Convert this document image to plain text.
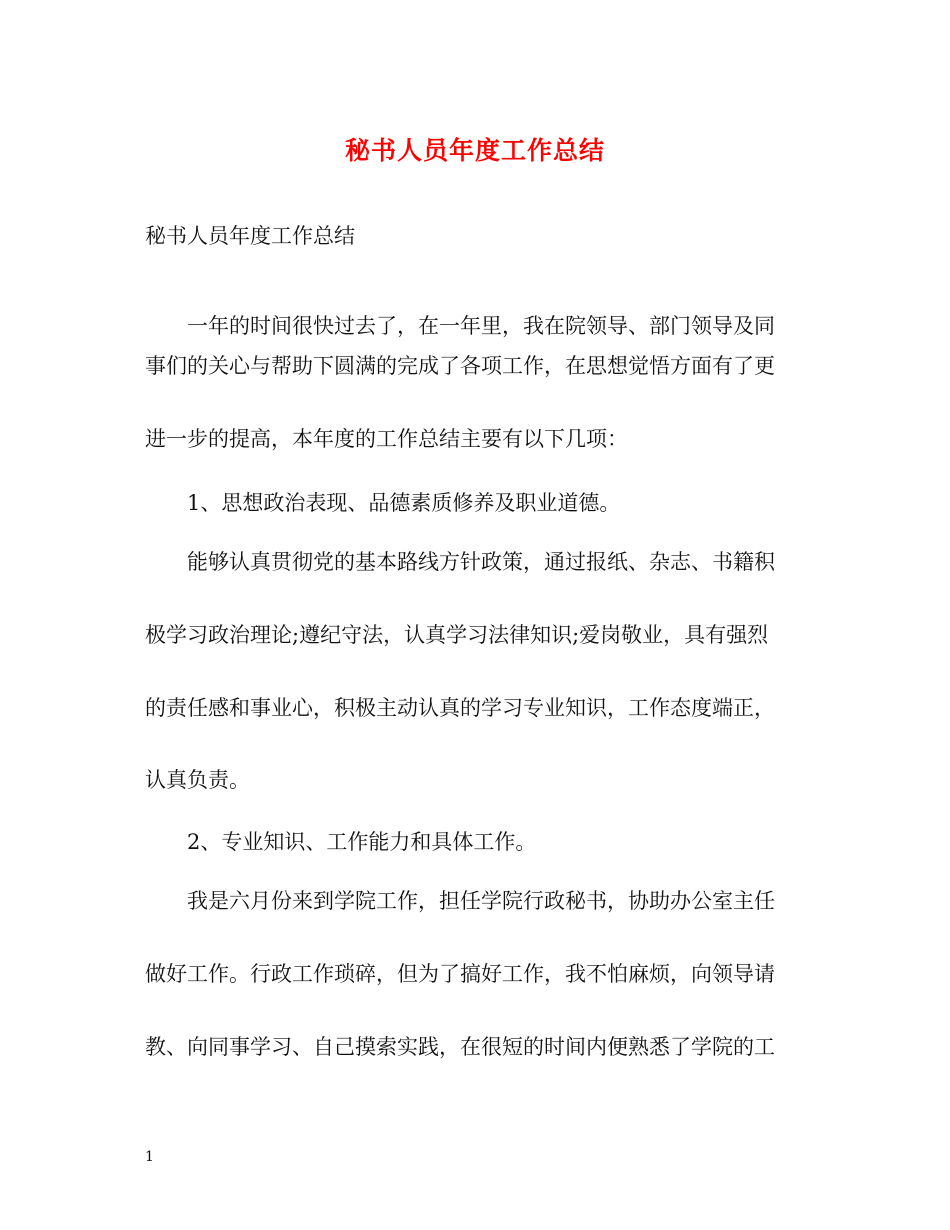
秘书人员年度工作总结
秘书人员年度工作总结
一年的时间很快过去了，在一年里，我在院领导、部门领导及同
事们的关心与帮助下圆满的完成了各项工作，在思想觉悟方面有了更
进一步的提高，本年度的工作总结主要有以下几项：
1、思想政治表现、品德素质修养及职业道德。
能够认真贯彻党的基本路线方针政策，通过报纸、杂志、书籍积
极学习政治理论;遵纪守法，认真学习法律知识;爱岗敬业，具有强烈
的责任感和事业心，积极主动认真的学习专业知识，工作态度端正，
认真负责。
2、专业知识、工作能力和具体工作。
我是六月份来到学院工作，担任学院行政秘书，协助办公室主任
做好工作。行政工作琐碎，但为了搞好工作，我不怕麻烦，向领导请
教、向同事学习、自己摸索实践，在很短的时间内便熟悉了学院的工
1
